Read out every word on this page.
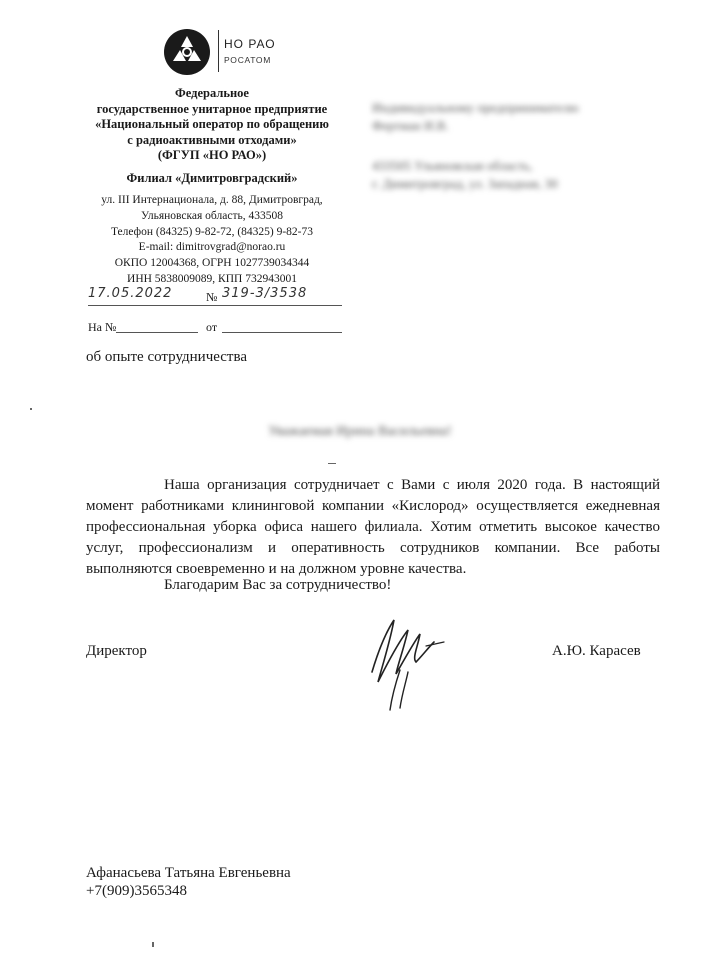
НО РАО
РОСАТОМ
Федеральное
государственное унитарное предприятие
«Национальный оператор по обращению
с радиоактивными отходами»
(ФГУП «НО РАО»)
Филиал «Димитровградский»
ул. III Интернационала, д. 88, Димитровград,
Ульяновская область, 433508
Телефон (84325) 9-82-72, (84325) 9-82-73
E-mail: dimitrovgrad@norao.ru
ОКПО 12004368, ОГРН 1027739034344
ИНН 5838009089, КПП 732943001
Индивидуальному предпринимателю
Фертман И.В.
433505 Ульяновская область,
г. Димитровград, ул. Западная, 30
17.05.2022	№ 319-3/3538
На №	от
об опыте сотрудничества
Уважаемая Ирина Васильевна!

Наша организация сотрудничает с Вами с июля 2020 года. В настоящий момент работниками клининговой компании «Кислород» осуществляется ежедневная профессиональная уборка офиса нашего филиала. Хотим отметить высокое качество услуг, профессионализм и оперативность сотрудников компании. Все работы выполняются своевременно и на должном уровне качества.

Благодарим Вас за сотрудничество!
Директор	А.Ю. Карасев
Афанасьева Татьяна Евгеньевна
+7(909)3565348
